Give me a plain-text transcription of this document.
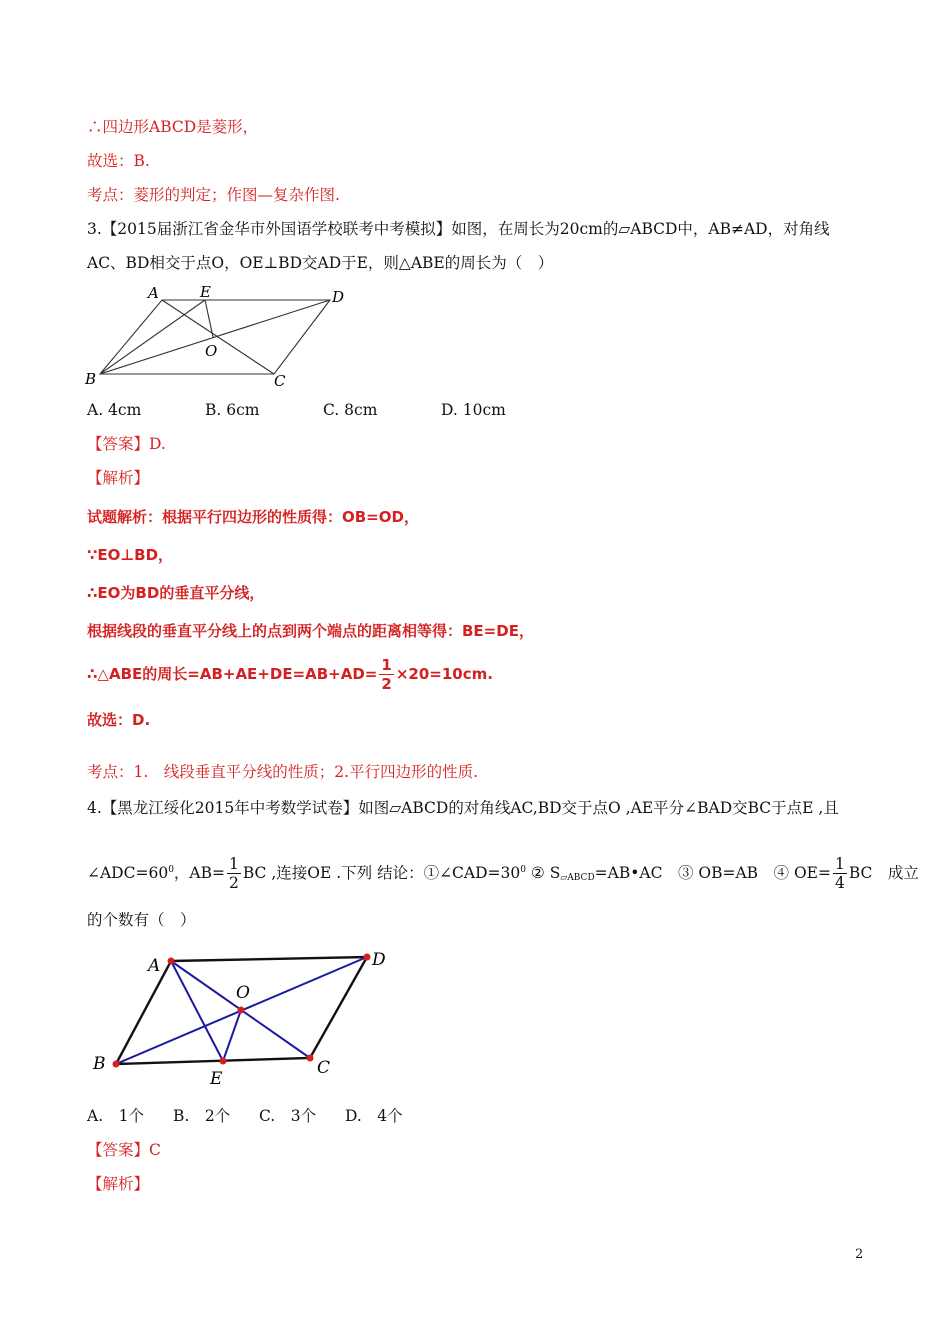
∴四边形ABCD是菱形，
故选：B.
考点：菱形的判定；作图—复杂作图.
3.【2015届浙江省金华市外国语学校联考中考模拟】如图，在周长为20cm的▱ABCD中，AB≠AD，对角线
AC、BD相交于点O，OE⊥BD交AD于E，则△ABE的周长为（　）
A	E	D
O
B	C
A. 4cm	B. 6cm	C. 8cm	D. 10cm
【答案】D.
【解析】
试题解析：根据平行四边形的性质得：OB=OD，
∵EO⊥BD，
∴EO为BD的垂直平分线，
根据线段的垂直平分线上的点到两个端点的距离相等得：BE=DE，
∴△ABE的周长$=AB+AE+DE=AB+AD= \frac{1}{2} \times 20=10cm$.
故选：D.
考点：1.　线段垂直平分线的性质；2.平行四边形的性质.
4.【黑龙江绥化2015年中考数学试卷】如图▱ABCD的对角线AC,BD交于点O ,AE平分∠BAD交BC于点E ,且
$\angle ADC=60^0$，$AB= \frac{1}{2}$ BC ,连接OE .下列 结论：$①\angle CAD=30^0$ ② $S_{▱ABCD}=AB•AC$　③ OB=AB　④ $OE= \frac{1}{4}$ BC　成立
的个数有（　）
A
O
D
B
E
C
A.　1个 B.　2个 C.　3个 D.　4个
【答案】C
【解析】
2
